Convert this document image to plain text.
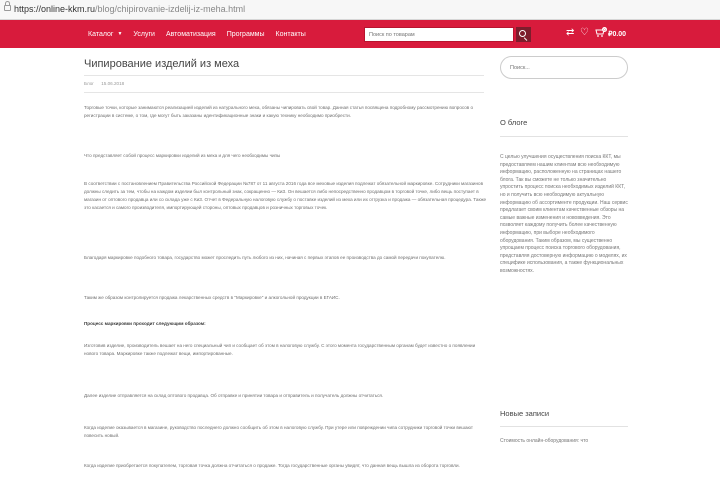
https://online-kkm.ru/blog/chipirovanie-izdelij-iz-meha.html
Каталог ▼ Услуги Автоматизация Программы Контакты
Поиск по товарам	⇄ ♡	0
₽0.00
Чипирование изделий из меха
Блог 15.06.2018

Торговые точки, которые занимаются реализацией изделий из натурального меха, обязаны чипировать свой товар. Данная статья посвящена подробному рассмотрению вопросов о регистрации в системе, о том, где могут быть заказаны идентификационные знаки и какую технику необходимо приобрести.

Что представляет собой процесс маркировки изделий из меха и для чего необходимы чипы

В соответствии с постановлением Правительства Российской Федерации №787 от 11 августа 2016 года все меховые изделия подлежат обязательной маркировке. Сотрудники магазинов должны следить за тем, чтобы на каждом изделии был контрольный знак, сокращенно — КиЗ. Он вешается либо непосредственно продавцом в торговой точке, либо вещь поступает в магазин от оптового продавца или со склада уже с КиЗ. Отчет в Федеральную налоговую службу о поставке изделий из меха или их отгрузка и продажа — обязательная процедура. Также это касается и самого производителя, импортирующей стороны, оптовых продавцов и розничных торговых точек.

Благодаря маркировке подобного товара, государство может проследить путь любого из них, начиная с первых этапов ее производства до самой передачи покупателю.

Таким же образом контролируется продажа лекарственных средств в "Маркировке" и алкогольной продукции в ЕГАИС.

Процесс маркировки проходит следующим образом:

Изготовив изделие, производитель вешает на него специальный чип и сообщает об этом в налоговую службу. С этого момента государственным органам будет известно о появлении нового товара. Маркировке также подлежат вещи, импортированные.

Далее изделие отправляется на склад оптового продавца. Об отправке и принятии товара и отправитель и получатель должны отчитаться.

Когда изделие оказывается в магазине, руководство последнего должно сообщить об этом в налоговую службу. При утере или повреждении чипа сотрудники торговой точки вешают повесить новый.

Когда изделие приобретается покупателем, торговая точка должна отчитаться о продаже. Тогда государственные органы увидят, что данная вещь вышла из оборота торговли.

Поиск...
О блоге

С целью улучшения осуществления поиска ККТ, мы предоставляем нашим клиентам всю необходимую информацию, расположенную на страницах нашего блога. Так вы сможете не только значительно упростить процесс поиска необходимых изделий ККТ, но и получить всю необходимую актуальную информацию об ассортименте продукции. Наш сервис предлагает своим клиентам качественные обзоры на самые важные изменения и нововведения. Это позволяет каждому получить более качественную информацию, при выборе необходимого оборудования. Таким образом, мы существенно упрощаем процесс поиска торгового оборудования, представляя достоверную информацию о моделях, их специфике использования, а также функциональных возможностях.

Новые записи

Стоимость онлайн-оборудования: что
